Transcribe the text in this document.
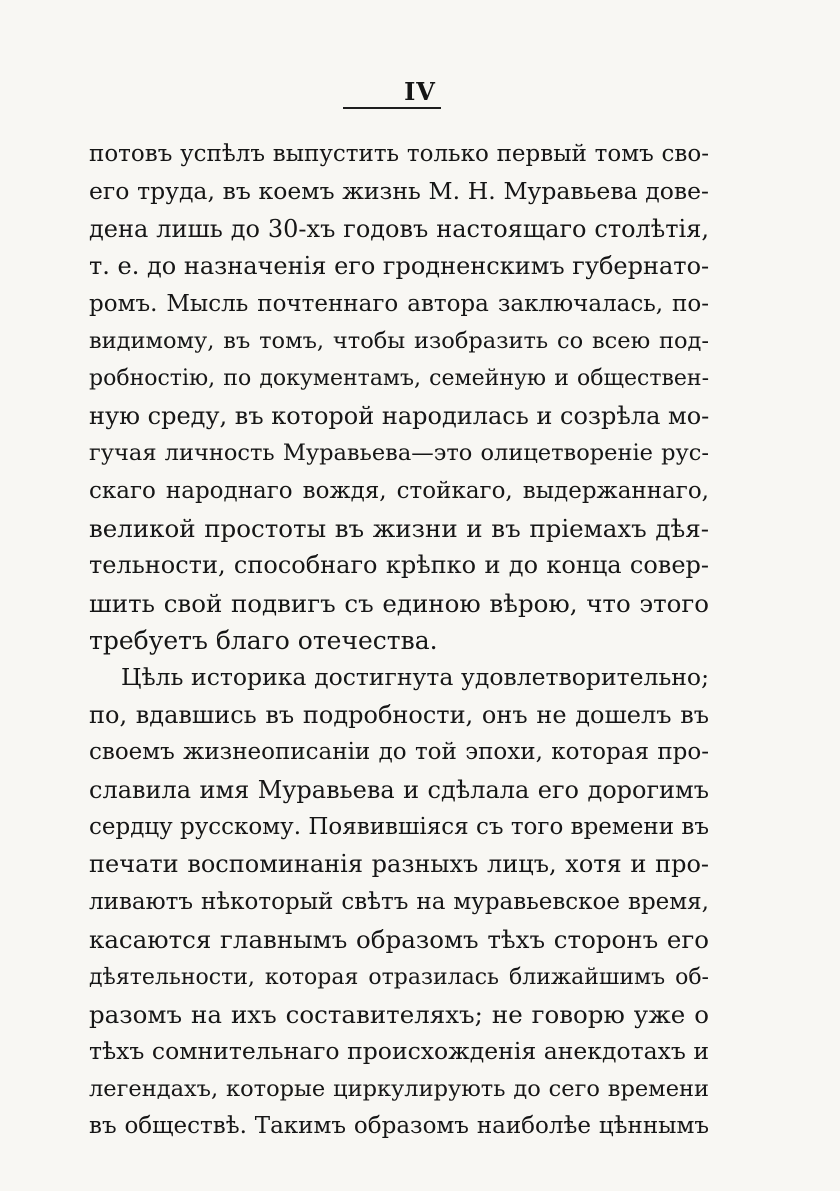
IV
потовъ успѣлъ выпустить только первый томъ сво-
его труда, въ коемъ жизнь М. Н. Муравьева дове-
дена лишь до 30-хъ годовъ настоящаго столѣтія,
т. е. до назначенія его гродненскимъ губернато-
ромъ. Мысль почтеннаго автора заключалась, по-
видимому, въ томъ, чтобы изобразить со всею под-
робностію, по документамъ, семейную и обществен-
ную среду, въ которой народилась и созрѣла мо-
гучая личность Муравьева—это олицетвореніе рус-
скаго народнаго вождя, стойкаго, выдержаннаго,
великой простоты въ жизни и въ пріемахъ дѣя-
тельности, способнаго крѣпко и до конца совер-
шить свой подвигъ съ единою вѣрою, что этого
требуетъ благо отечества.
Цѣль историка достигнута удовлетворительно;
по, вдавшись въ подробности, онъ не дошелъ въ
своемъ жизнеописаніи до той эпохи, которая про-
славила имя Муравьева и сдѣлала его дорогимъ
сердцу русскому. Появившіяся съ того времени въ
печати воспоминанія разныхъ лицъ, хотя и про-
ливаютъ нѣкоторый свѣтъ на муравьевское время,
касаются главнымъ образомъ тѣхъ сторонъ его
дѣятельности, которая отразилась ближайшимъ об-
разомъ на ихъ составителяхъ; не говорю уже о
тѣхъ сомнительнаго происхожденія анекдотахъ и
легендахъ, которые циркулирують до сего времени
въ обществѣ. Такимъ образомъ наиболѣе цѣннымъ
